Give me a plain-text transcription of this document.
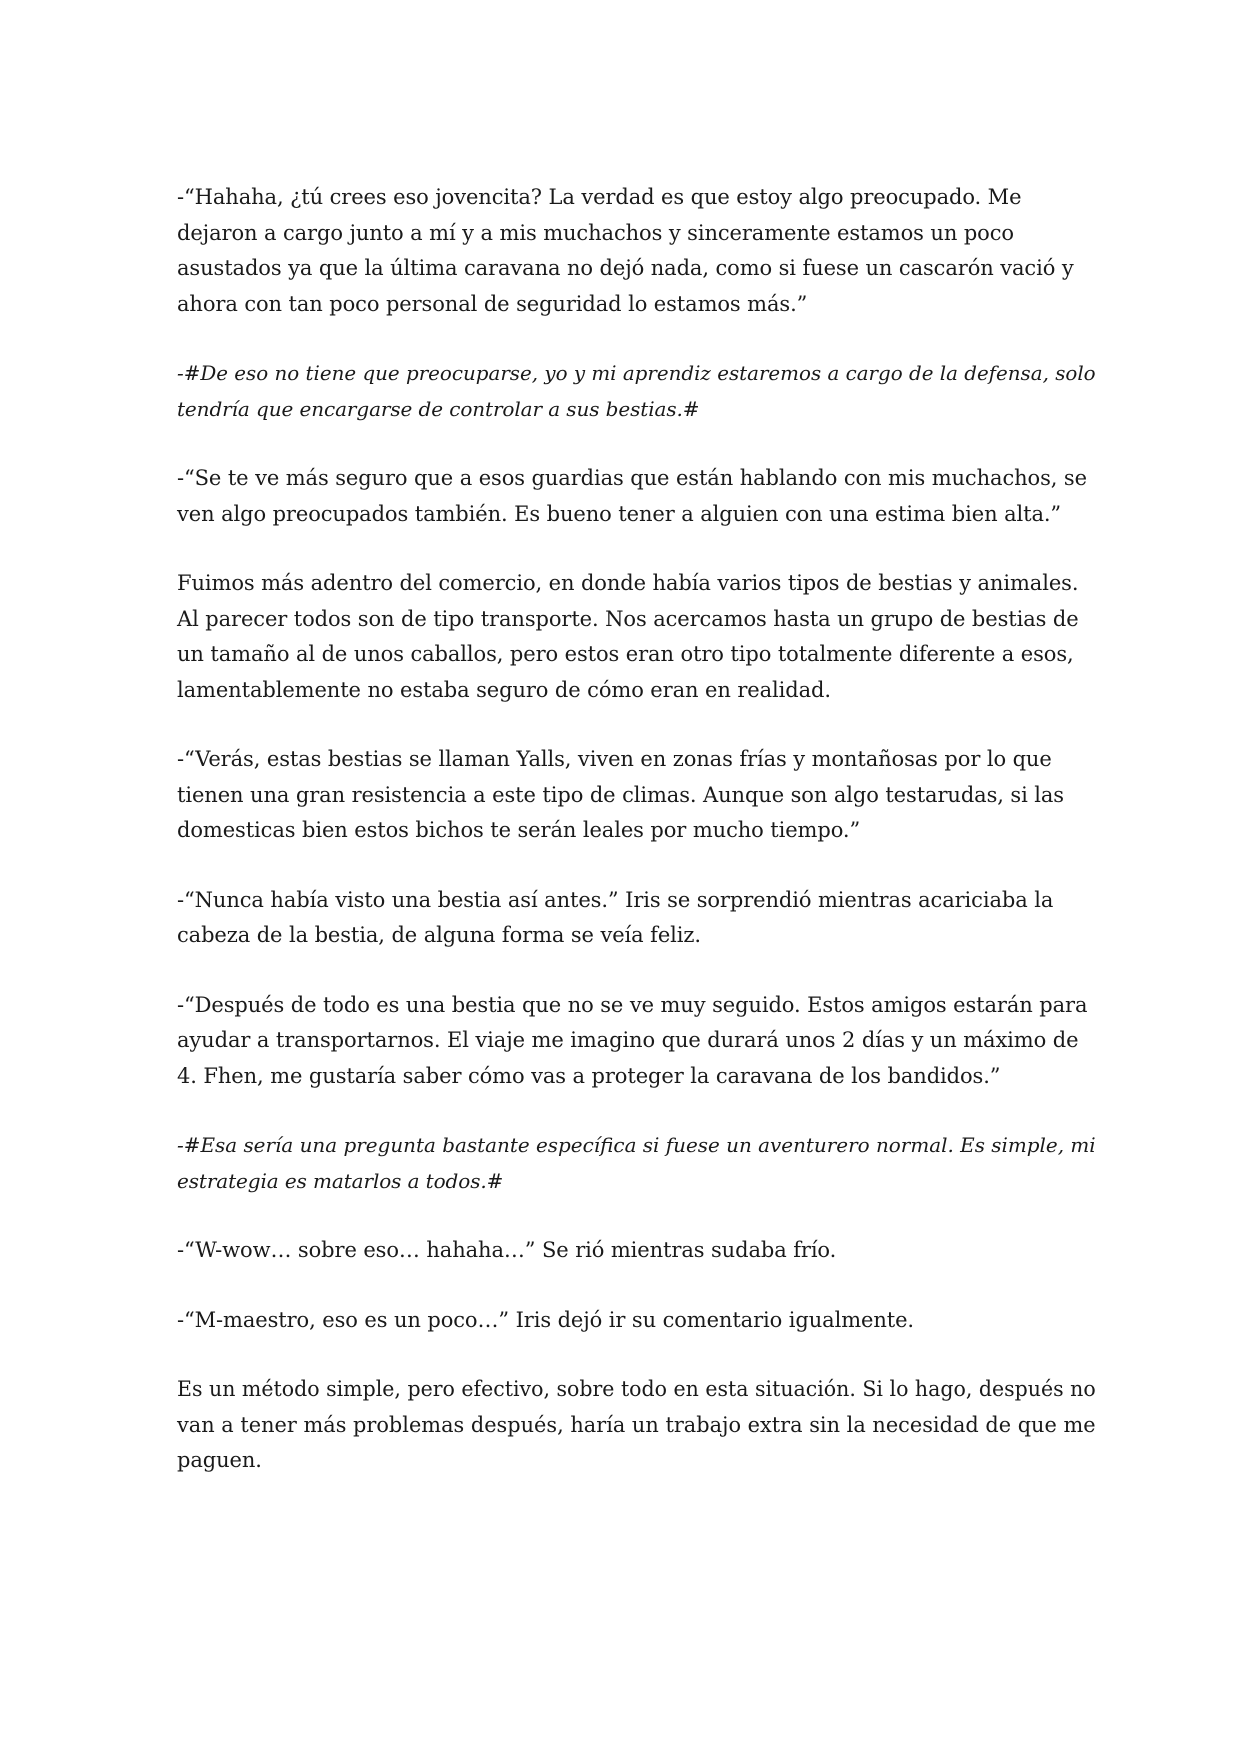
-“Hahaha, ¿tú crees eso jovencita? La verdad es que estoy algo preocupado. Me
dejaron a cargo junto a mí y a mis muchachos y sinceramente estamos un poco
asustados ya que la última caravana no dejó nada, como si fuese un cascarón vació y
ahora con tan poco personal de seguridad lo estamos más.”

-#De eso no tiene que preocuparse, yo y mi aprendiz estaremos a cargo de la defensa, solo
tendría que encargarse de controlar a sus bestias.#

-“Se te ve más seguro que a esos guardias que están hablando con mis muchachos, se
ven algo preocupados también. Es bueno tener a alguien con una estima bien alta.”

Fuimos más adentro del comercio, en donde había varios tipos de bestias y animales.
Al parecer todos son de tipo transporte. Nos acercamos hasta un grupo de bestias de
un tamaño al de unos caballos, pero estos eran otro tipo totalmente diferente a esos,
lamentablemente no estaba seguro de cómo eran en realidad.

-“Verás, estas bestias se llaman Yalls, viven en zonas frías y montañosas por lo que
tienen una gran resistencia a este tipo de climas. Aunque son algo testarudas, si las
domesticas bien estos bichos te serán leales por mucho tiempo.”

-“Nunca había visto una bestia así antes.” Iris se sorprendió mientras acariciaba la
cabeza de la bestia, de alguna forma se veía feliz.

-“Después de todo es una bestia que no se ve muy seguido. Estos amigos estarán para
ayudar a transportarnos. El viaje me imagino que durará unos 2 días y un máximo de
4. Fhen, me gustaría saber cómo vas a proteger la caravana de los bandidos.”

-#Esa sería una pregunta bastante específica si fuese un aventurero normal. Es simple, mi
estrategia es matarlos a todos.#

-“W-wow… sobre eso… hahaha…” Se rió mientras sudaba frío.

-“M-maestro, eso es un poco…” Iris dejó ir su comentario igualmente.

Es un método simple, pero efectivo, sobre todo en esta situación. Si lo hago, después no
van a tener más problemas después, haría un trabajo extra sin la necesidad de que me
paguen.
